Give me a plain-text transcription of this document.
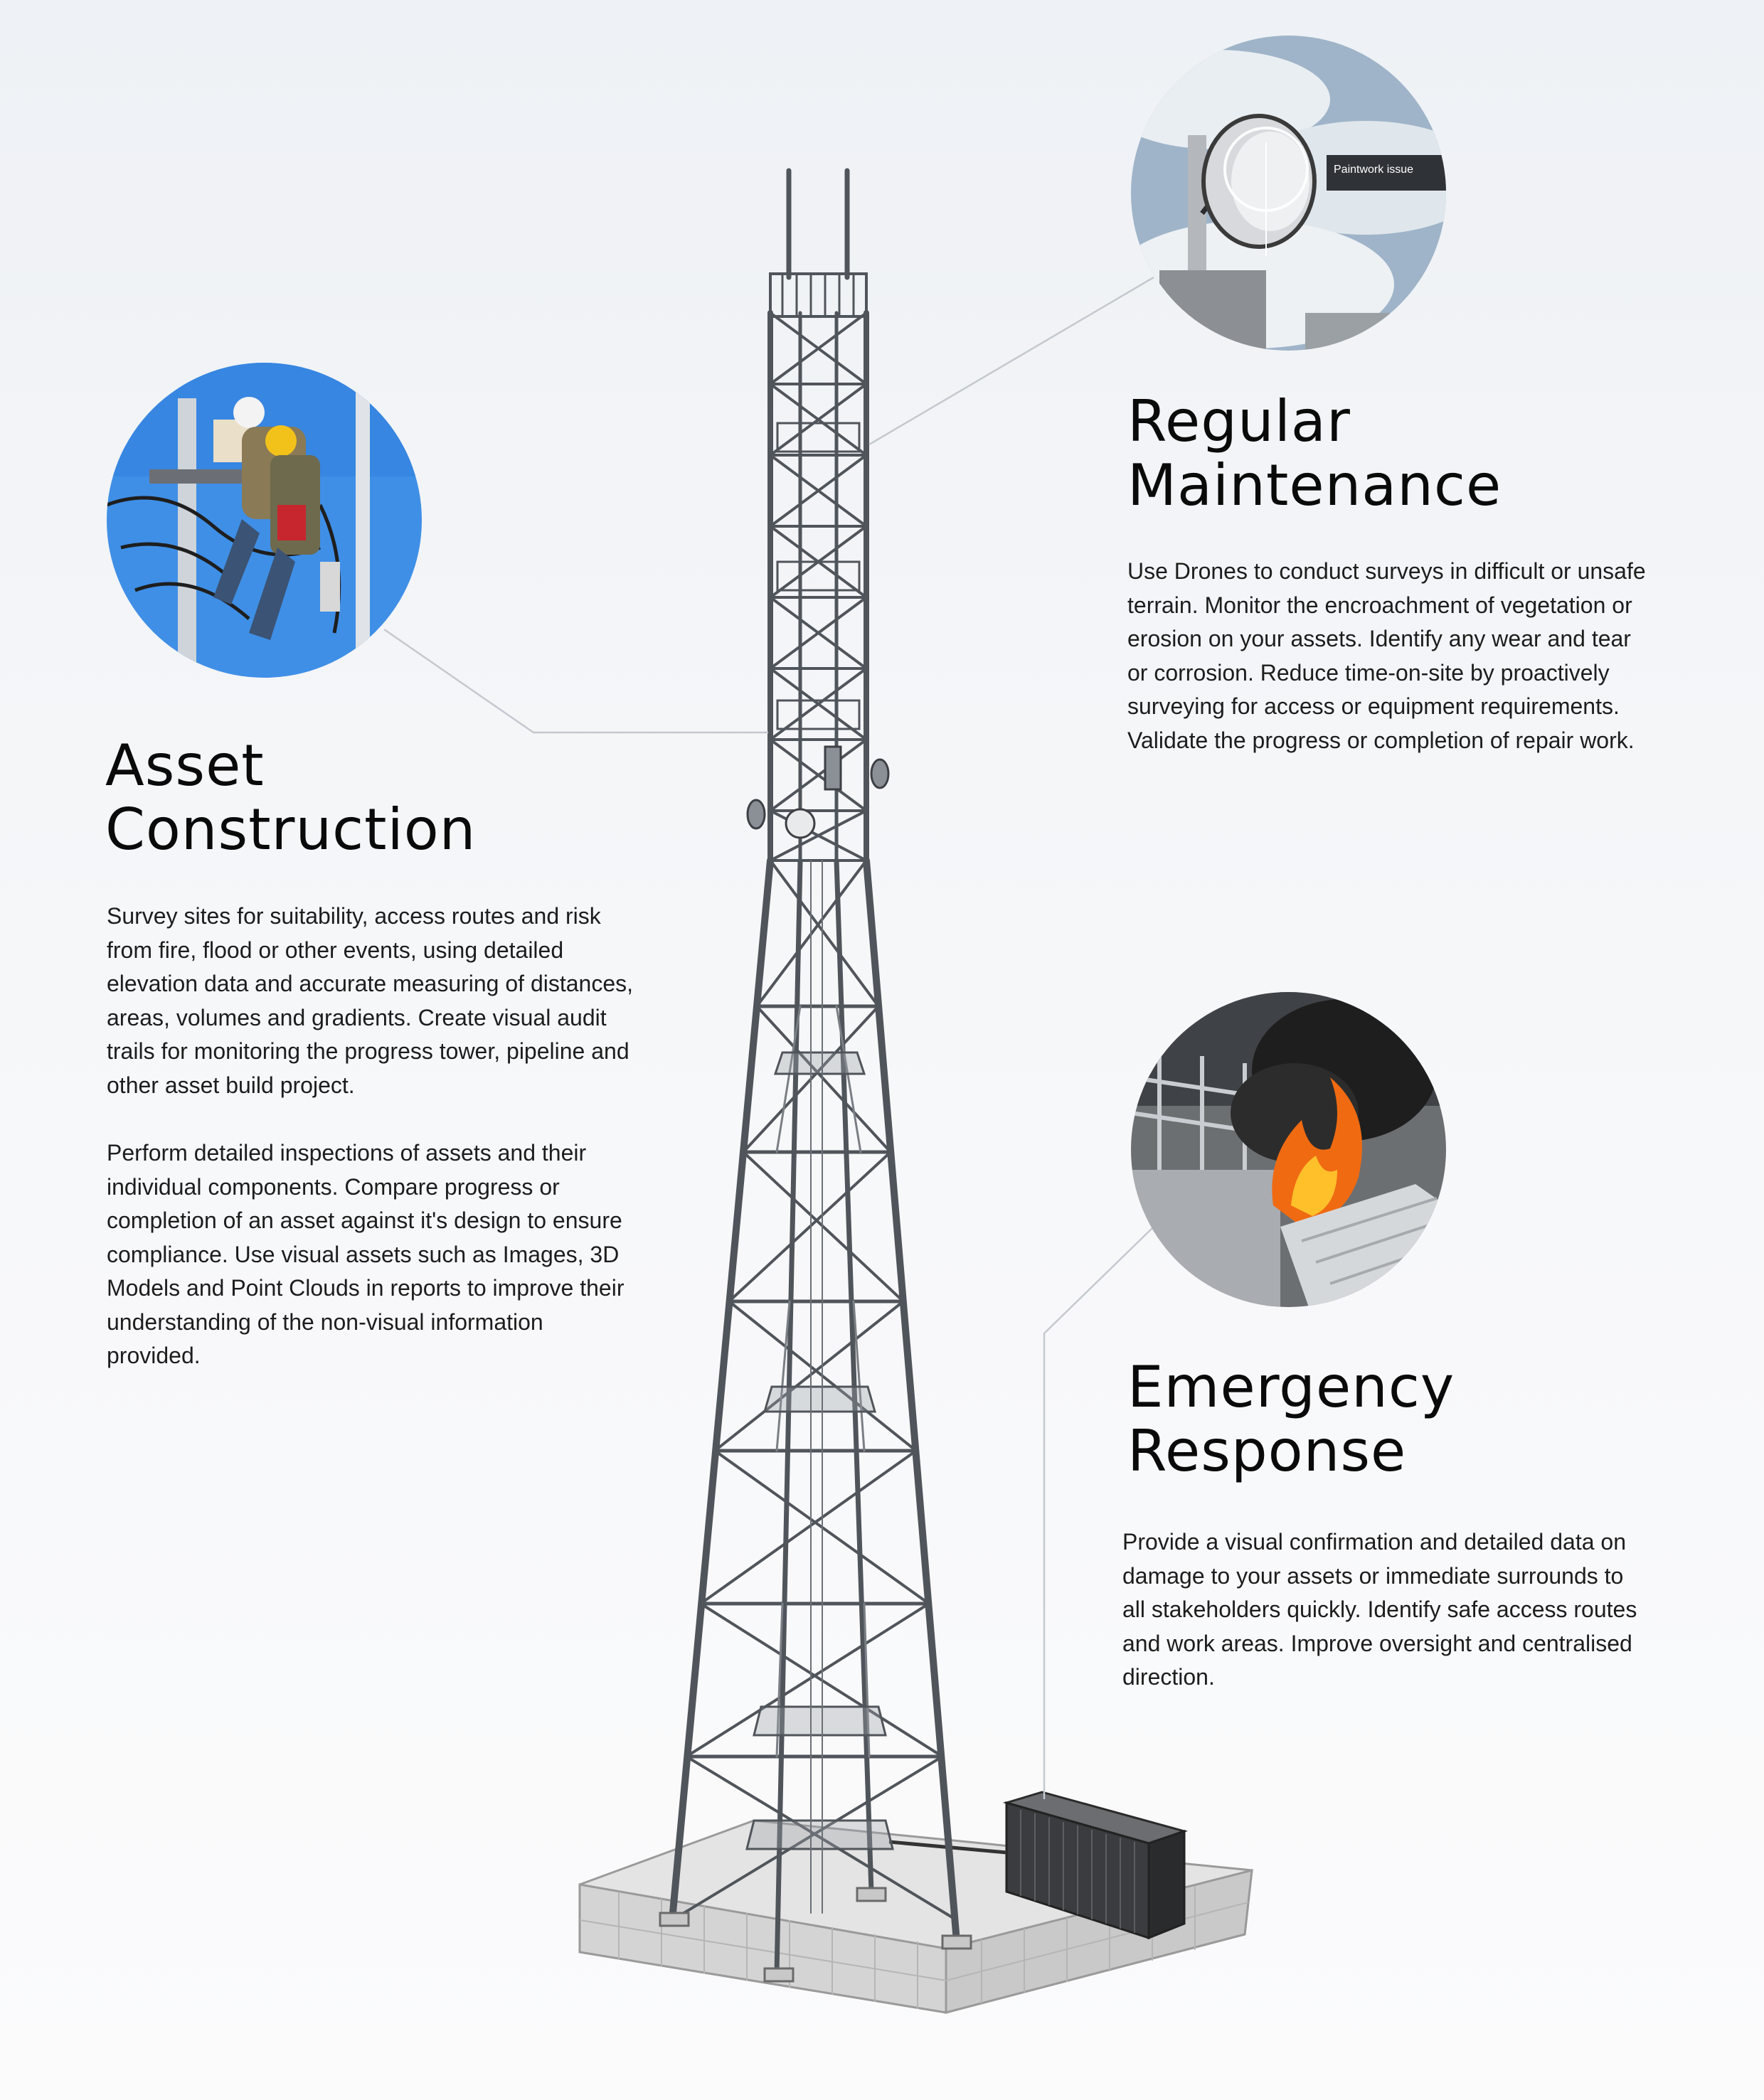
Paintwork issue
Asset
Construction

Survey sites for suitability, access routes and risk from fire, flood or other events, using detailed elevation data and accurate measuring of distances, areas, volumes and gradients. Create visual audit trails for monitoring the progress tower, pipeline and other asset build project.

Perform detailed inspections of assets and their individual components. Compare progress or completion of an asset against it's design to ensure compliance. Use visual assets such as Images, 3D Models and Point Clouds in reports to improve their understanding of the non-visual information provided.

Regular
Maintenance

Use Drones to conduct surveys in difficult or unsafe terrain. Monitor the encroachment of vegetation or erosion on your assets. Identify any wear and tear or corrosion. Reduce time-on-site by proactively surveying for access or equipment requirements. Validate the progress or completion of repair work.

Emergency
Response

Provide a visual confirmation and detailed data on damage to your assets or immediate surrounds to all stakeholders quickly. Identify safe access routes and work areas. Improve oversight and centralised direction.
